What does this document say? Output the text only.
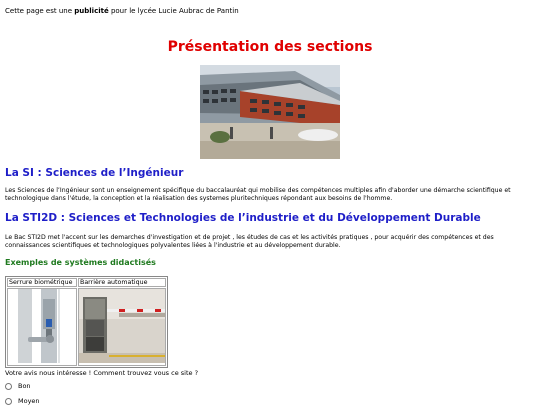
Cette page est une publicité pour le lycée Lucie Aubrac de Pantin
Présentation des sections
La SI : Sciences de l’Ingénieur

Les Sciences de l’Ingénieur sont un enseignement spécifique du baccalauréat qui mobilise des compétences multiples afin d'aborder une démarche scientifique et technologique dans l'étude, la conception et la réalisation des systemes pluritechniques répondant aux besoins de l'homme.

La STI2D : Sciences et Technologies de l’industrie et du Développement Durable

Le Bac STI2D met l'accent sur les demarches d'investigation et de projet , les études de cas et les activités pratiques , pour acquérir des compétences et des connaissances scientifiques et technologiques polyvalentes liées à l'industrie et au développement durable.

Exemples de systèmes didactisés
Serrure biométrique	Barrière automatique

Votre avis nous intéresse ! Comment trouvez vous ce site ?
Bon
Moyen
